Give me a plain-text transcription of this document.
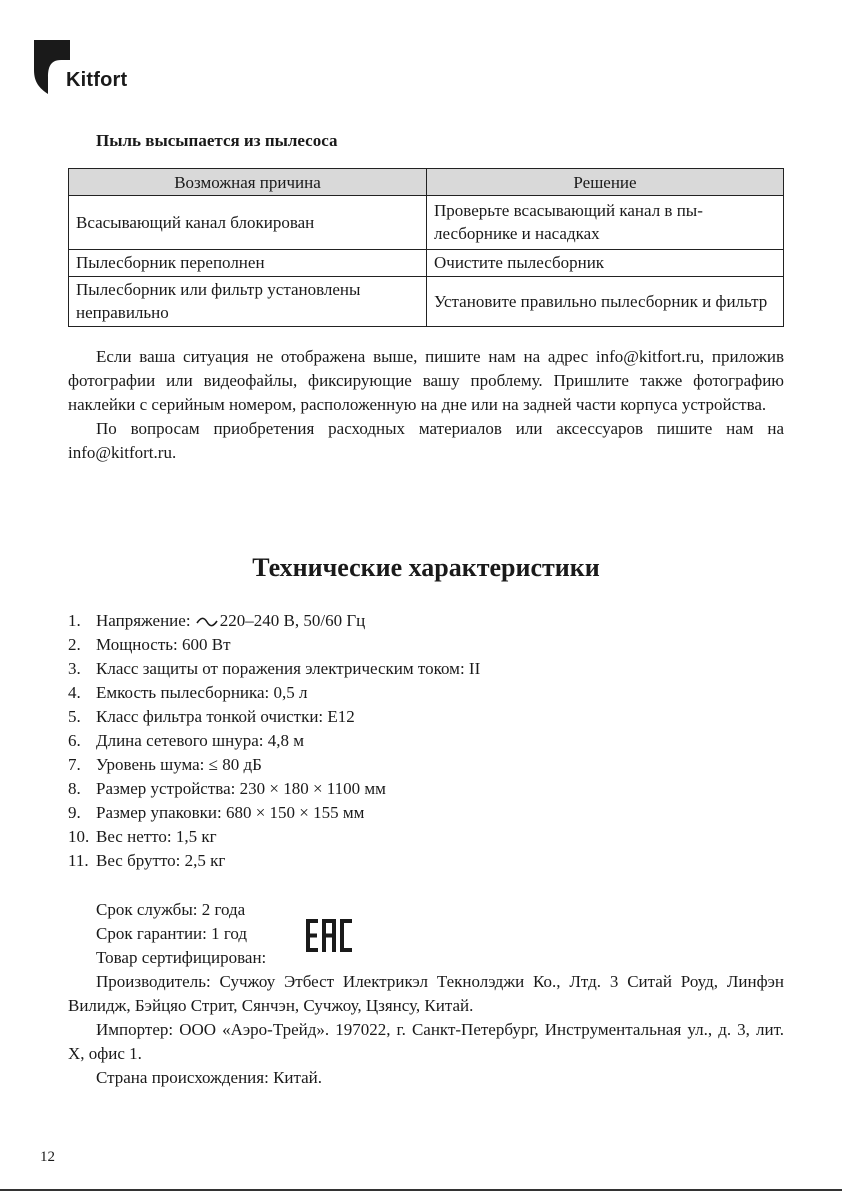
Kitfort
Пыль высыпается из пылесоса
Возможная причина	Решение
Всасывающий канал блокирован	Проверьте всасывающий канал в пы-
лесборнике и насадках
Пылесборник переполнен	Очистите пылесборник
Пылесборник или фильтр установлены неправильно	Установите правильно пылесборник и фильтр

Если ваша ситуация не отображена выше, пишите нам на адрес info@kitfort.ru, приложив фотографии или видеофайлы, фиксирующие вашу проблему. Пришлите также фотографию наклейки с серийным номером, расположенную на дне или на задней части корпуса устройства.

По вопросам приобретения расходных материалов или аксессуаров пишите нам на info@kitfort.ru.

Технические характеристики
1. Напряжение: 220–240 В, 50/60 Гц
2. Мощность: 600 Вт
3. Класс защиты от поражения электрическим током: II
4. Емкость пылесборника: 0,5 л
5. Класс фильтра тонкой очистки: E12
6. Длина сетевого шнура: 4,8 м
7. Уровень шума: ≤ 80 дБ
8. Размер устройства: 230 × 180 × 1100 мм
9. Размер упаковки: 680 × 150 × 155 мм
10. Вес нетто: 1,5 кг
11. Вес брутто: 2,5 кг

Срок службы: 2 года

Срок гарантии: 1 год

Товар сертифицирован:

Производитель: Сучжоу Этбест Илектрикэл Текнолэджи Ко., Лтд. 3 Ситай Роуд, Линфэн Вилидж, Бэйцяо Стрит, Сянчэн, Сучжоу, Цзянсу, Китай.

Импортер: ООО «Аэро-Трейд». 197022, г. Санкт-Петербург, Инструментальная ул., д. 3, лит. Х, офис 1.

Страна происхождения: Китай.

12
